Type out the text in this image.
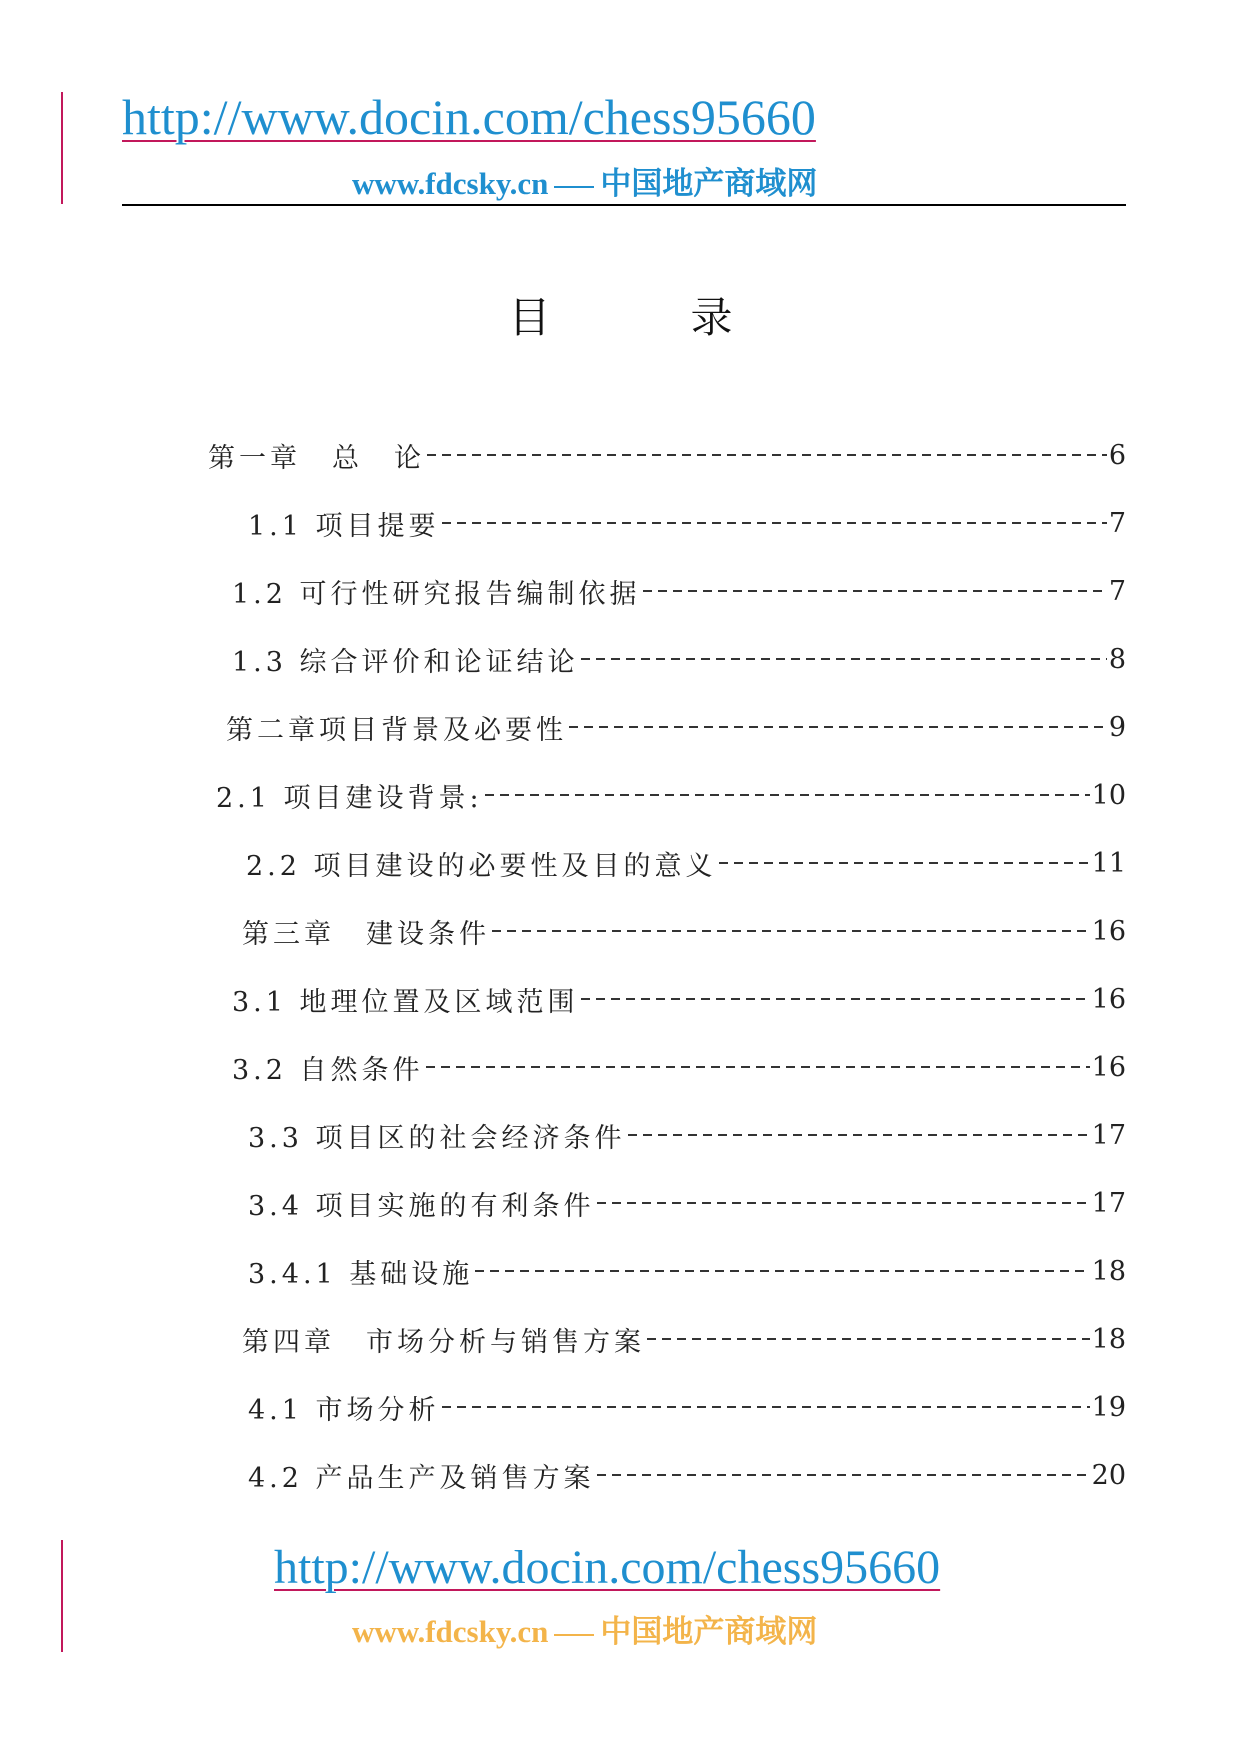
http://www.docin.com/chess95660
www.fdcsky.cn 中国地产商域网
目录
第一章　总　论	6
1.1 项目提要	7
1.2 可行性研究报告编制依据	7
1.3 综合评价和论证结论	8
第二章项目背景及必要性	9
2.1 项目建设背景:	10
2.2 项目建设的必要性及目的意义	11
第三章　建设条件	16
3.1 地理位置及区域范围	16
3.2 自然条件	16
3.3 项目区的社会经济条件	17
3.4 项目实施的有利条件	17
3.4.1 基础设施	18
第四章　市场分析与销售方案	18
4.1 市场分析	19
4.2 产品生产及销售方案	20
http://www.docin.com/chess95660
www.fdcsky.cn 中国地产商域网
